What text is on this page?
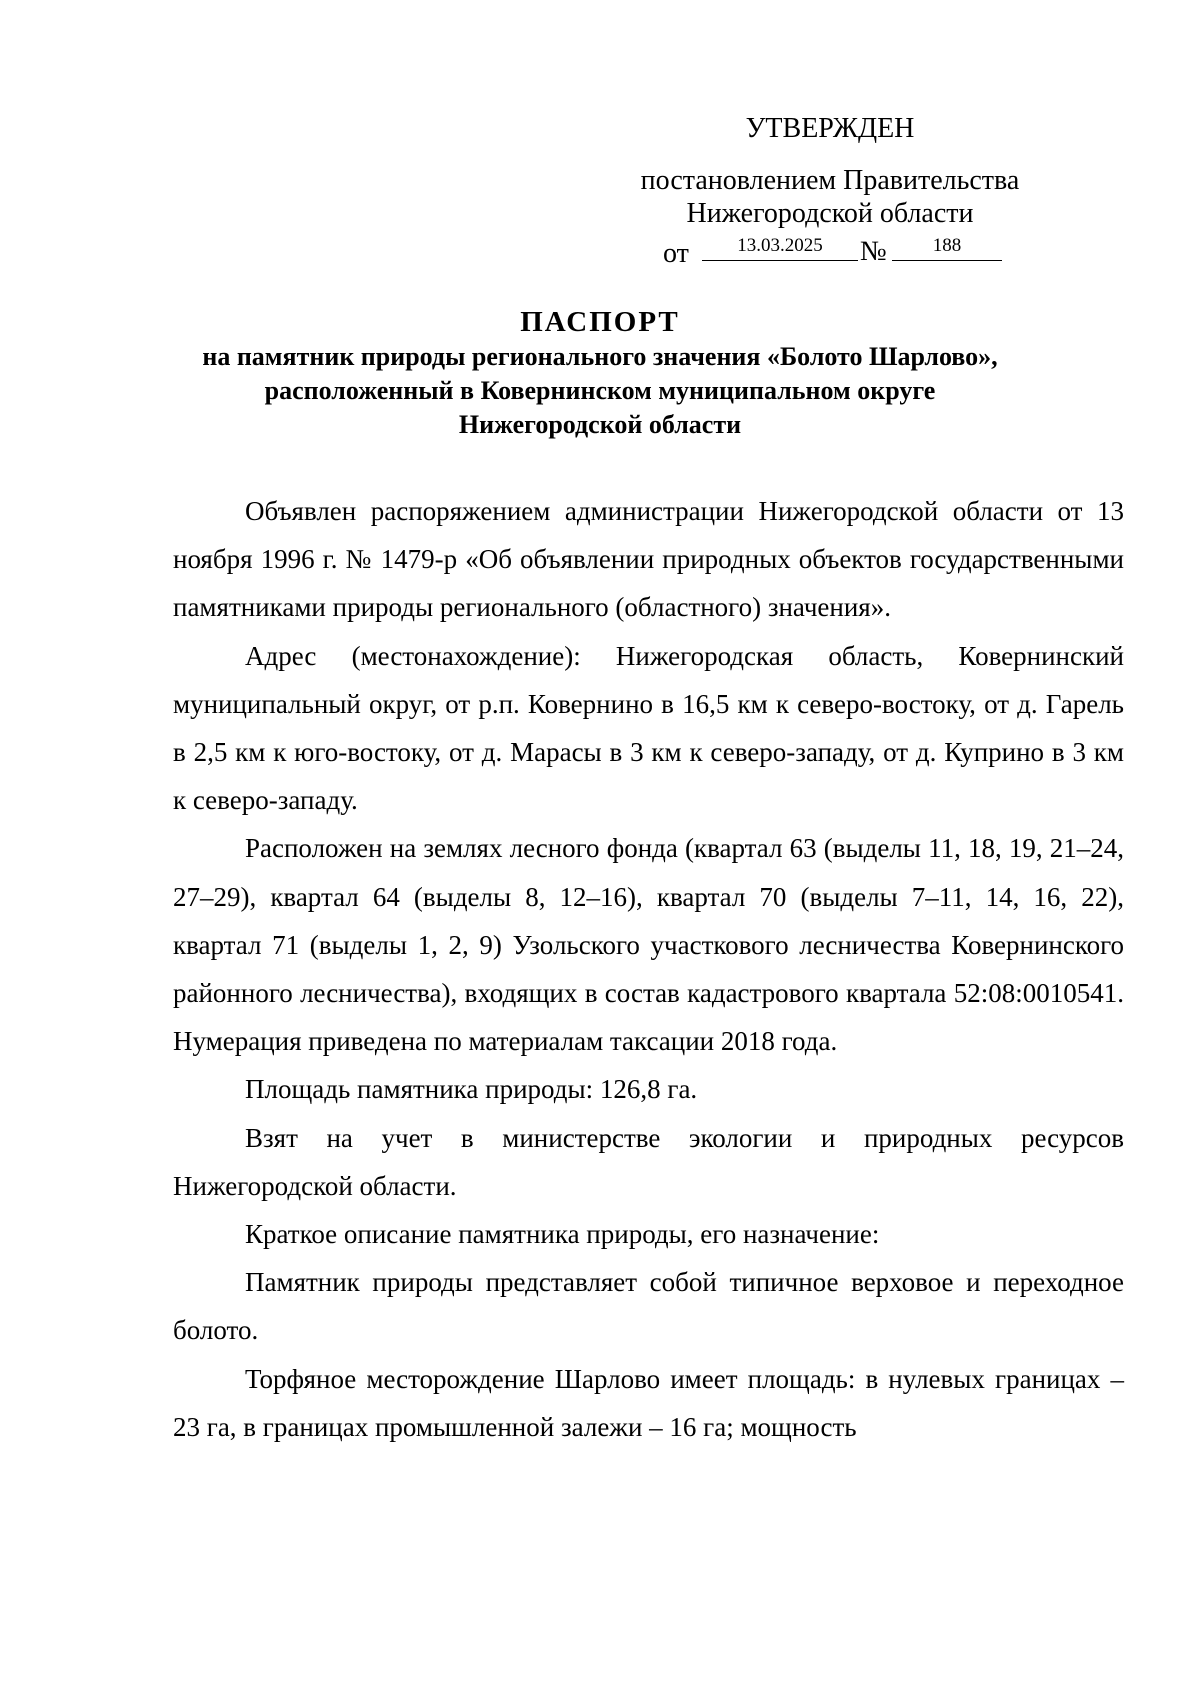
УТВЕРЖДЕН
постановлением Правительства
Нижегородской области
от	13.03.2025	№	188
ПАСПОРТ
на памятник природы регионального значения «Болото Шарлово»,
расположенный в Ковернинском муниципальном округе
Нижегородской области

Объявлен распоряжением администрации Нижегородской области от 13 ноября 1996 г. № 1479-р «Об объявлении природных объектов государственными памятниками природы регионального (областного) значения».

Адрес (местонахождение): Нижегородская область, Ковернинский муниципальный округ, от р.п. Ковернино в 16,5 км к северо-востоку, от д. Гарель в 2,5 км к юго-востоку, от д. Марасы в 3 км к северо-западу, от д. Куприно в 3 км к северо-западу.

Расположен на землях лесного фонда (квартал 63 (выделы 11, 18, 19, 21–24, 27–29), квартал 64 (выделы 8, 12–16), квартал 70 (выделы 7–11, 14, 16, 22), квартал 71 (выделы 1, 2, 9) Узольского участкового лесничества Ковернинского районного лесничества), входящих в состав кадастрового квартала 52:08:0010541. Нумерация приведена по материалам таксации 2018 года.

Площадь памятника природы: 126,8 га.

Взят на учет в министерстве экологии и природных ресурсов Нижегородской области.

Краткое описание памятника природы, его назначение:

Памятник природы представляет собой типичное верховое и переходное болото.

Торфяное месторождение Шарлово имеет площадь: в нулевых границах – 23 га, в границах промышленной залежи – 16 га; мощность
